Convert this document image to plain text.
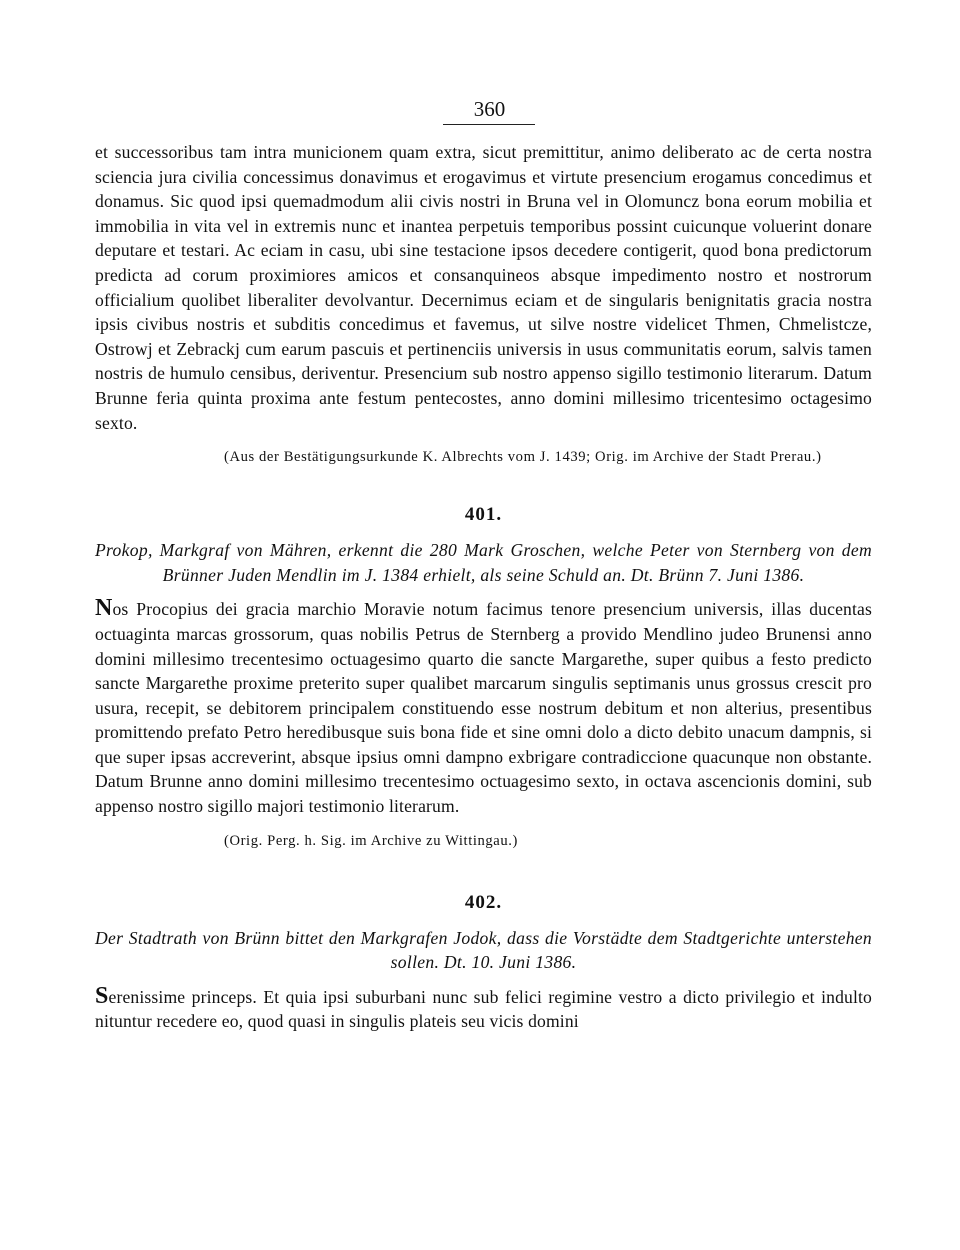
360

et successoribus tam intra municionem quam extra, sicut premittitur, animo deliberato ac de certa nostra sciencia jura civilia concessimus donavimus et erogavimus et virtute presencium erogamus concedimus et donamus. Sic quod ipsi quemadmodum alii civis nostri in Bruna vel in Olomuncz bona eorum mobilia et immobilia in vita vel in extremis nunc et inantea perpetuis temporibus possint cuicunque voluerint donare deputare et testari. Ac eciam in casu, ubi sine testacione ipsos decedere contigerit, quod bona predictorum predicta ad corum proximiores amicos et consanquineos absque impedimento nostro et nostrorum officialium quolibet liberaliter devolvantur. Decernimus eciam et de singularis benignitatis gracia nostra ipsis civibus nostris et subditis concedimus et favemus, ut silve nostre videlicet Thmen, Chmelistcze, Ostrowj et Zebrackj cum earum pascuis et pertinenciis universis in usus communitatis eorum, salvis tamen nostris de humulo censibus, deriventur. Presencium sub nostro appenso sigillo testimonio literarum. Datum Brunne feria quinta proxima ante festum pentecostes, anno domini millesimo tricentesimo octagesimo sexto.

(Aus der Bestätigungsurkunde K. Albrechts vom J. 1439; Orig. im Archive der Stadt Prerau.)

401.

Prokop, Markgraf von Mähren, erkennt die 280 Mark Groschen, welche Peter von Sternberg von dem Brünner Juden Mendlin im J. 1384 erhielt, als seine Schuld an. Dt. Brünn 7. Juni 1386.

Nos Procopius dei gracia marchio Moravie notum facimus tenore presencium universis, illas ducentas octuaginta marcas grossorum, quas nobilis Petrus de Sternberg a provido Mendlino judeo Brunensi anno domini millesimo trecentesimo octuagesimo quarto die sancte Margarethe, super quibus a festo predicto sancte Margarethe proxime preterito super qualibet marcarum singulis septimanis unus grossus crescit pro usura, recepit, se debitorem principalem constituendo esse nostrum debitum et non alterius, presentibus promittendo prefato Petro heredibusque suis bona fide et sine omni dolo a dicto debito unacum dampnis, si que super ipsas accreverint, absque ipsius omni dampno exbrigare contradiccione quacunque non obstante. Datum Brunne anno domini millesimo trecentesimo octuagesimo sexto, in octava ascencionis domini, sub appenso nostro sigillo majori testimonio literarum.

(Orig. Perg. h. Sig. im Archive zu Wittingau.)

402.

Der Stadtrath von Brünn bittet den Markgrafen Jodok, dass die Vorstädte dem Stadtgerichte unterstehen sollen. Dt. 10. Juni 1386.

Serenissime princeps. Et quia ipsi suburbani nunc sub felici regimine vestro a dicto privilegio et indulto nituntur recedere eo, quod quasi in singulis plateis seu vicis domini
